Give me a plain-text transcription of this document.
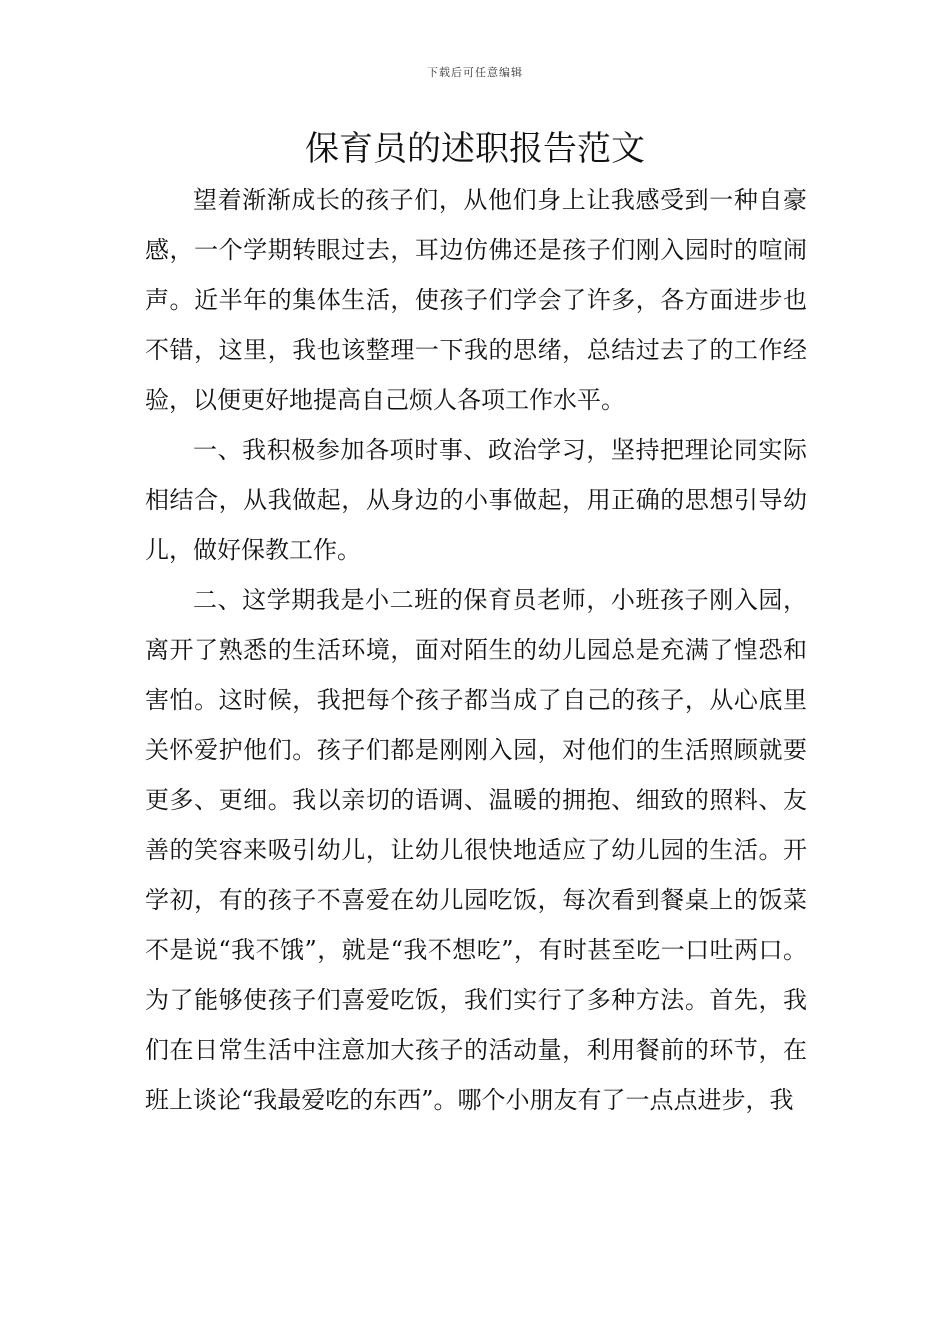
下载后可任意编辑
保育员的述职报告范文

望着渐渐成长的孩子们，从他们身上让我感受到一种自豪感，一个学期转眼过去，耳边仿佛还是孩子们刚入园时的喧闹声。近半年的集体生活，使孩子们学会了许多，各方面进步也不错，这里，我也该整理一下我的思绪，总结过去了的工作经验，以便更好地提高自己烦人各项工作水平。

一、我积极参加各项时事、政治学习，坚持把理论同实际相结合，从我做起，从身边的小事做起，用正确的思想引导幼儿，做好保教工作。

二、这学期我是小二班的保育员老师，小班孩子刚入园，离开了熟悉的生活环境，面对陌生的幼儿园总是充满了惶恐和害怕。这时候，我把每个孩子都当成了自己的孩子，从心底里关怀爱护他们。孩子们都是刚刚入园，对他们的生活照顾就要更多、更细。我以亲切的语调、温暖的拥抱、细致的照料、友善的笑容来吸引幼儿，让幼儿很快地适应了幼儿园的生活。开学初，有的孩子不喜爱在幼儿园吃饭，每次看到餐桌上的饭菜不是说“我不饿”，就是“我不想吃”，有时甚至吃一口吐两口。为了能够使孩子们喜爱吃饭，我们实行了多种方法。首先，我们在日常生活中注意加大孩子的活动量，利用餐前的环节，在班上谈论“我最爱吃的东西”。哪个小朋友有了一点点进步，我
